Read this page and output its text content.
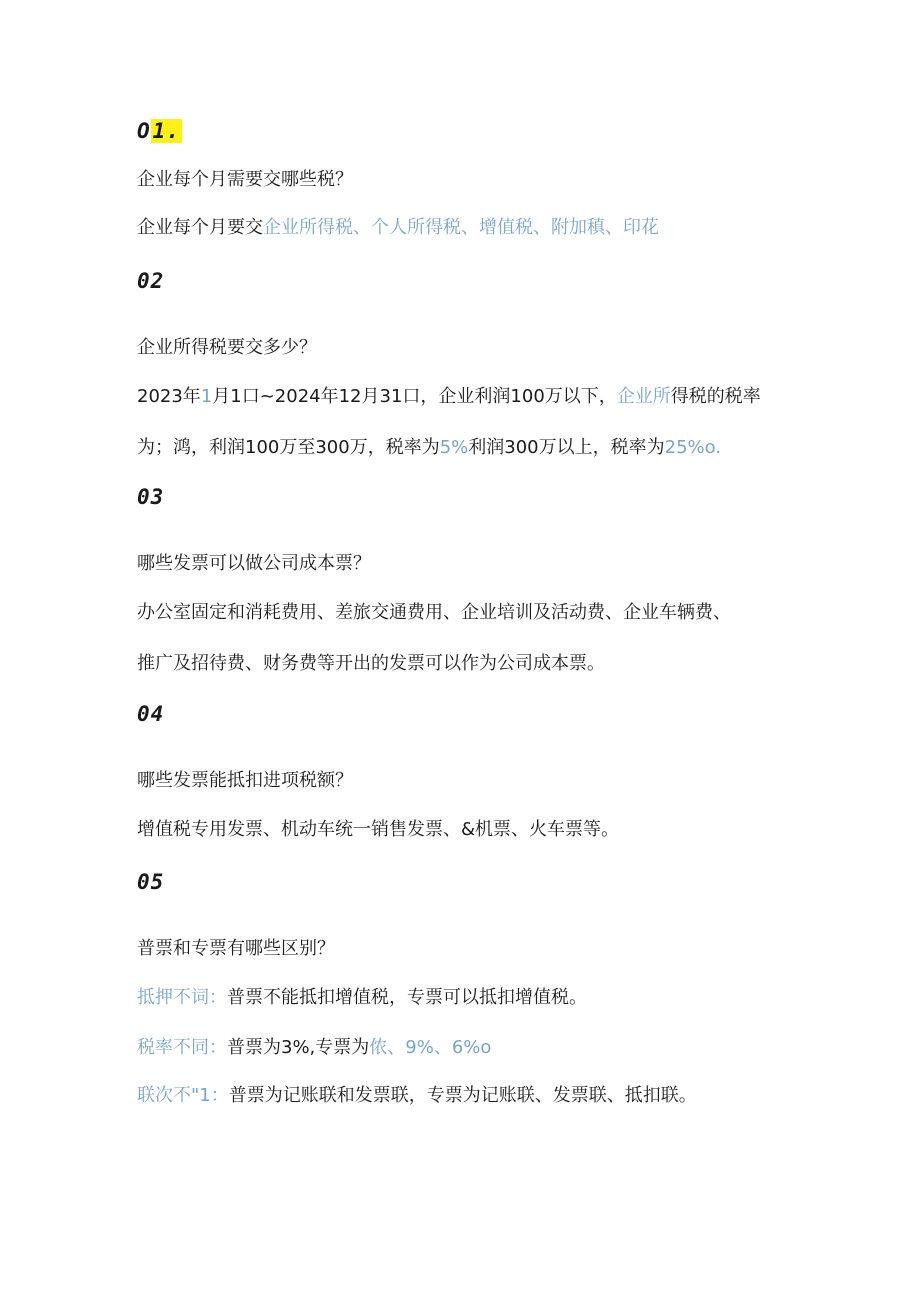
O1.
企业每个月需要交哪些税？
企业每个月要交企业所得税、个人所得税、增值税、附加稹、印花
02
企业所得税要交多少？
2023年1月1口~2024年12月31口，企业利润100万以下，企业所得税的税率
为；鸿，利润100万至300万，税率为5%利润300万以上，税率为25%o.
03
哪些发票可以做公司成本票？
办公室固定和消耗费用、差旅交通费用、企业培训及活动费、企业车辆费、
推广及招待费、财务费等开出的发票可以作为公司成本票。
04
哪些发票能抵扣进项税额？
增值税专用发票、机动车统一销售发票、&机票、火车票等。
05
普票和专票有哪些区别？
抵押不词：普票不能抵扣增值税，专票可以抵扣增值税。
税率不同：普票为3%,专票为侬、9%、6%o
联次不"1：普票为记账联和发票联，专票为记账联、发票联、抵扣联。
